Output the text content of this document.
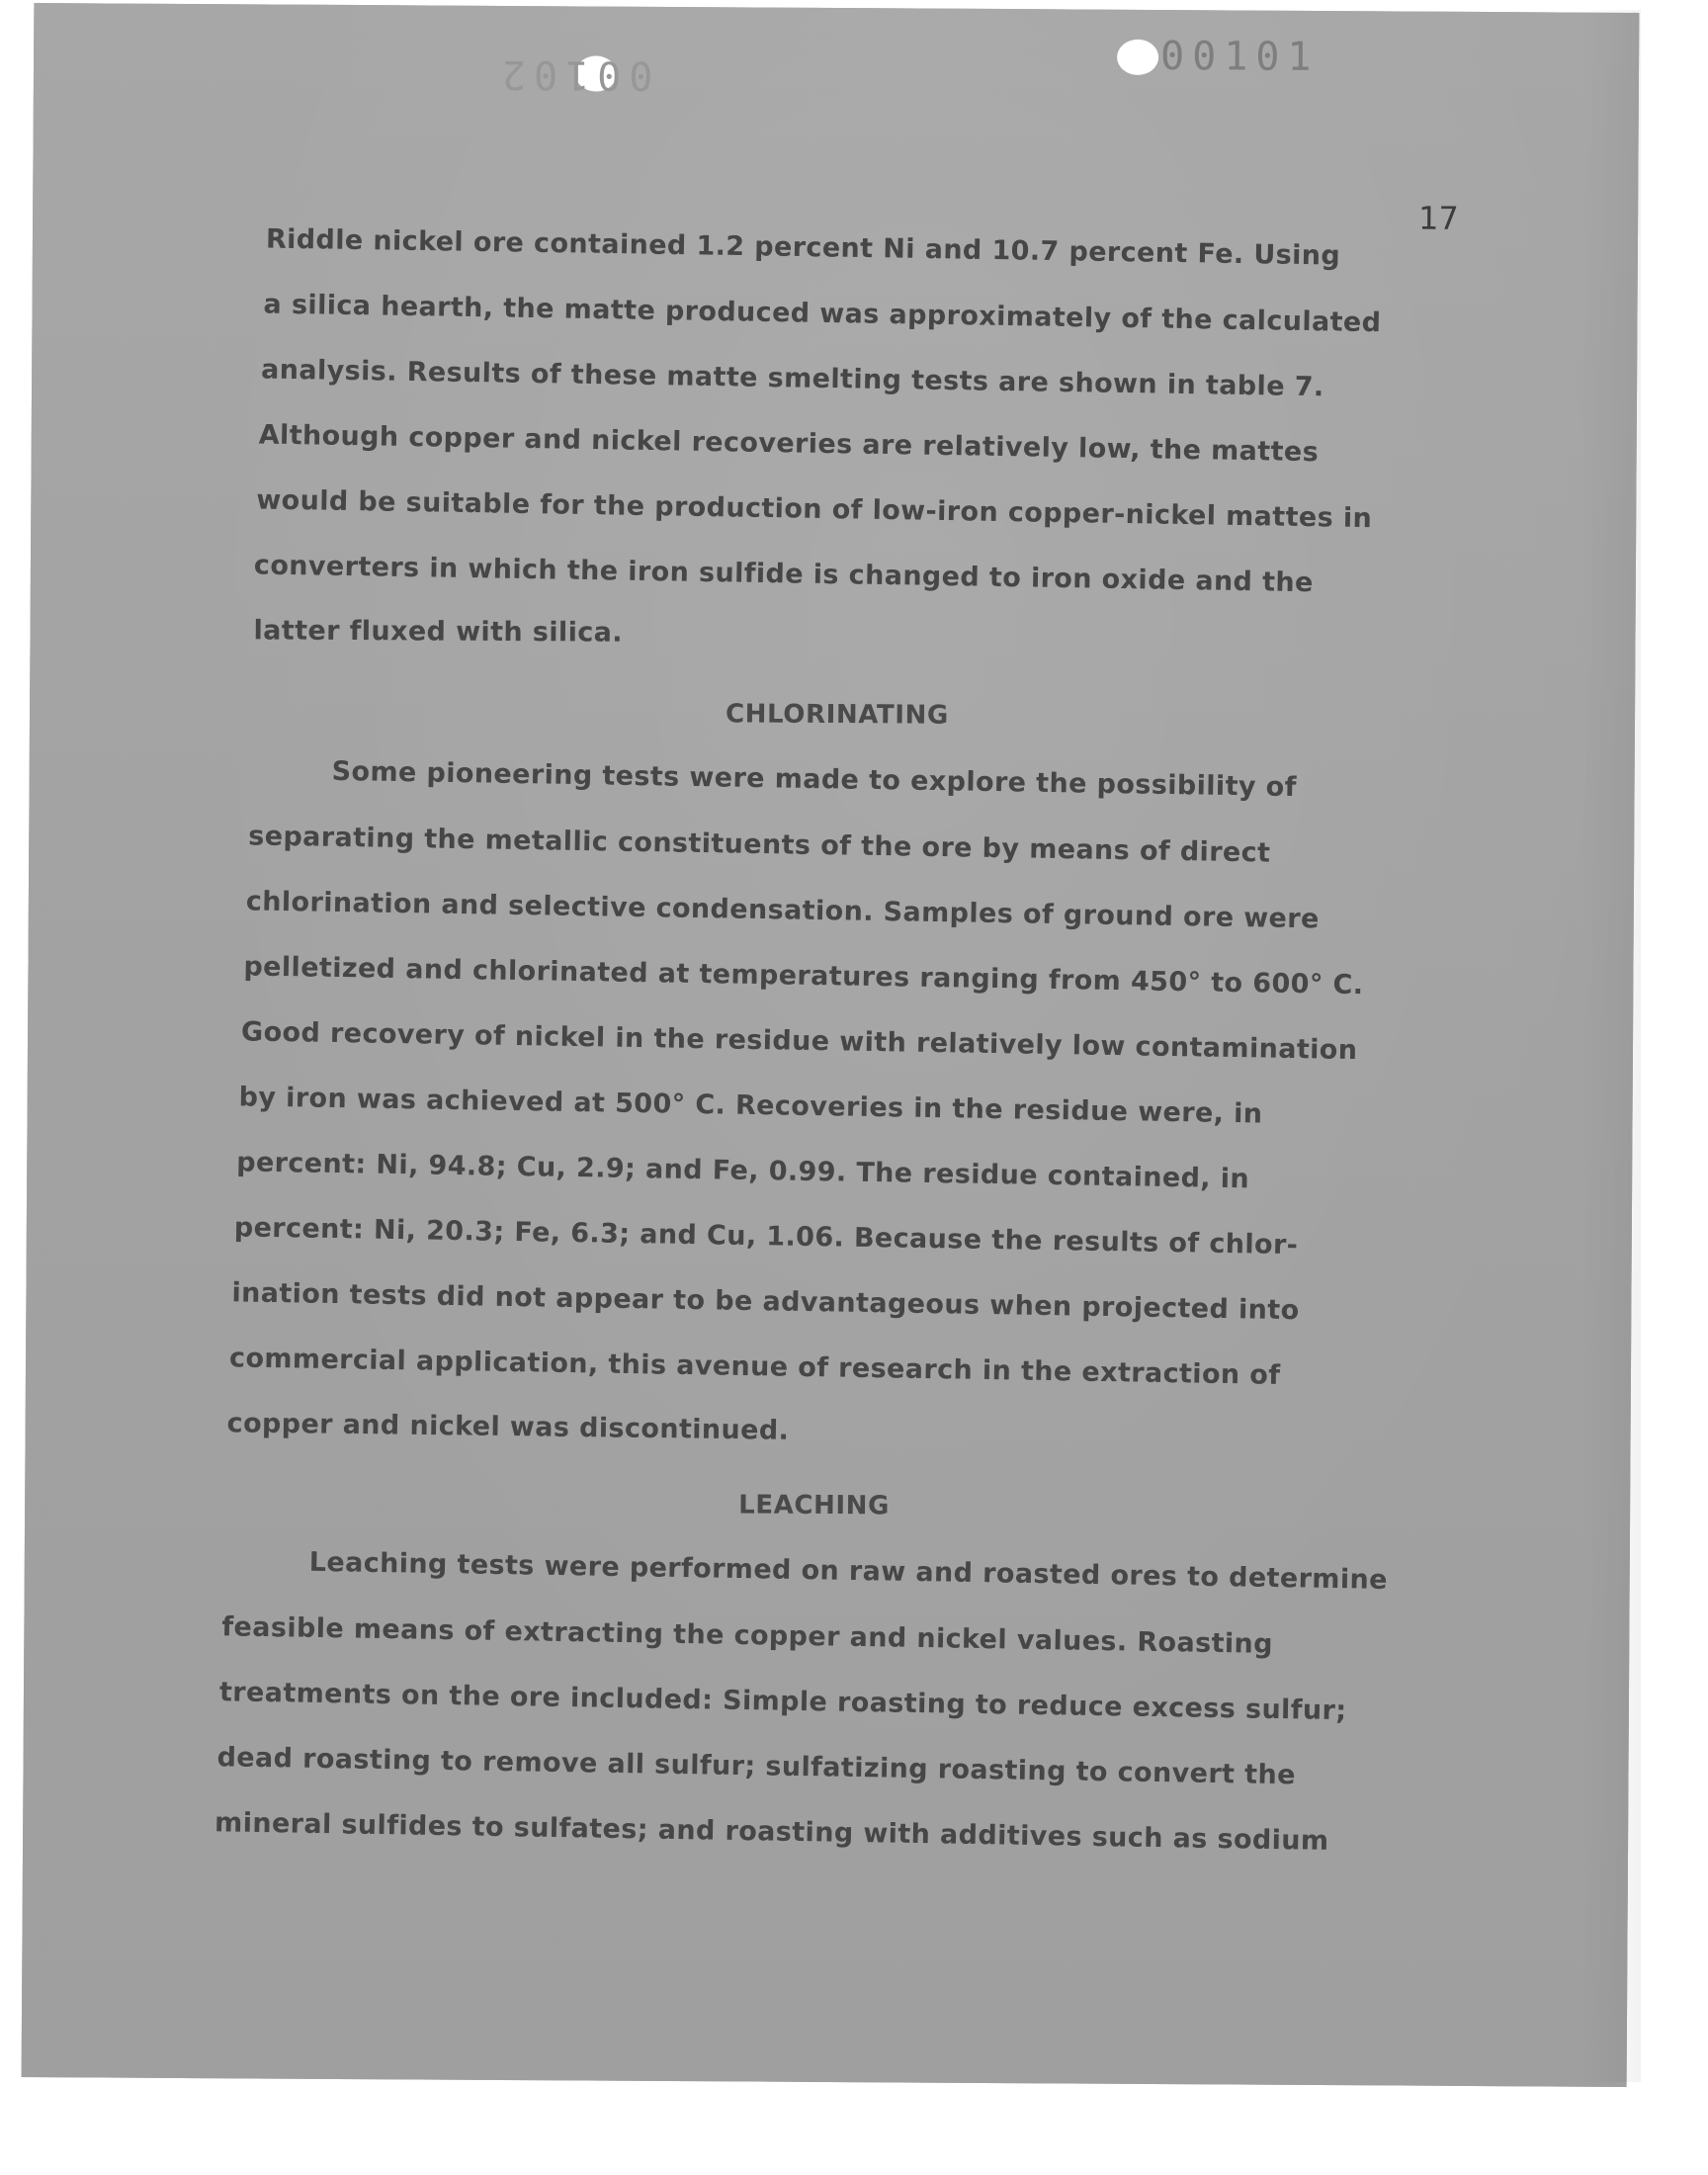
00102	00101
17
Riddle nickel ore contained 1.2 percent Ni and 10.7 percent Fe. Using
a silica hearth, the matte produced was approximately of the calculated
analysis. Results of these matte smelting tests are shown in table 7.
Although copper and nickel recoveries are relatively low, the mattes
would be suitable for the production of low-iron copper-nickel mattes in
converters in which the iron sulfide is changed to iron oxide and the
latter fluxed with silica.
CHLORINATING
Some pioneering tests were made to explore the possibility of
separating the metallic constituents of the ore by means of direct
chlorination and selective condensation. Samples of ground ore were
pelletized and chlorinated at temperatures ranging from 450° to 600° C.
Good recovery of nickel in the residue with relatively low contamination
by iron was achieved at 500° C. Recoveries in the residue were, in
percent: Ni, 94.8; Cu, 2.9; and Fe, 0.99. The residue contained, in
percent: Ni, 20.3; Fe, 6.3; and Cu, 1.06. Because the results of chlor-
ination tests did not appear to be advantageous when projected into
commercial application, this avenue of research in the extraction of
copper and nickel was discontinued.
LEACHING
Leaching tests were performed on raw and roasted ores to determine
feasible means of extracting the copper and nickel values. Roasting
treatments on the ore included: Simple roasting to reduce excess sulfur;
dead roasting to remove all sulfur; sulfatizing roasting to convert the
mineral sulfides to sulfates; and roasting with additives such as sodium
